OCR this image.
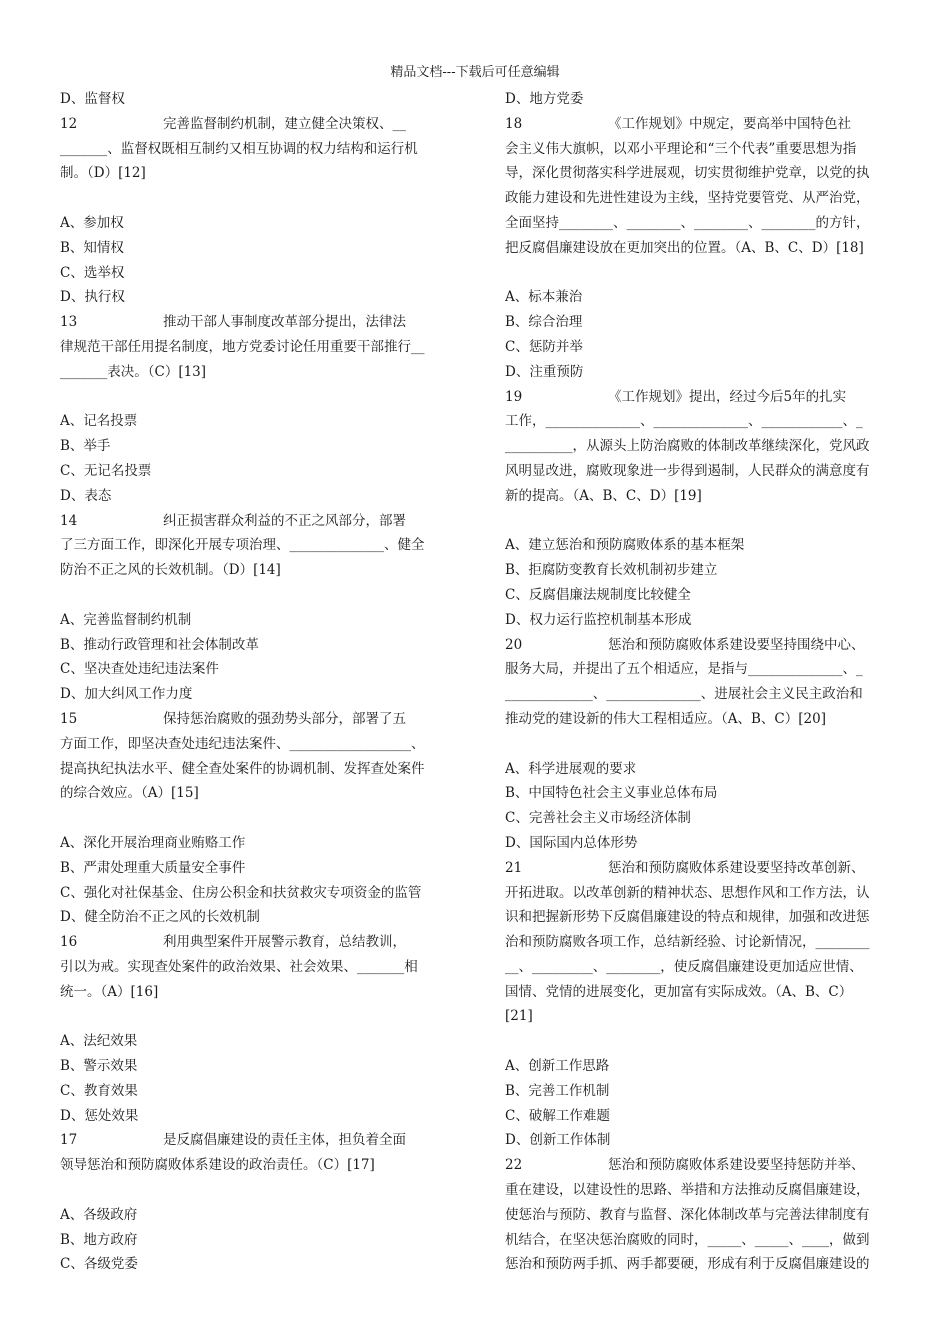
精品文档---下载后可任意编辑
D、监督权
12                    完善监督制约机制，建立健全决策权、__
_______、监督权既相互制约又相互协调的权力结构和运行机
制。（D）[12]
A、参加权
B、知情权
C、选举权
D、执行权
13                    推动干部人事制度改革部分提出，法律法
律规范干部任用提名制度，地方党委讨论任用重要干部推行__
_______表决。（C）[13]
A、记名投票
B、举手
C、无记名投票
D、表态
14                    纠正损害群众利益的不正之风部分，部署
了三方面工作，即深化开展专项治理、______________、健全
防治不正之风的长效机制。（D）[14]
A、完善监督制约机制
B、推动行政管理和社会体制改革
C、坚决查处违纪违法案件
D、加大纠风工作力度
15                    保持惩治腐败的强劲势头部分，部署了五
方面工作，即坚决查处违纪违法案件、__________________、
提高执纪执法水平、健全查处案件的协调机制、发挥查处案件
的综合效应。（A）[15]
A、深化开展治理商业贿赂工作
B、严肃处理重大质量安全事件
C、强化对社保基金、住房公积金和扶贫救灾专项资金的监管
D、健全防治不正之风的长效机制
16                    利用典型案件开展警示教育，总结教训，
引以为戒。实现查处案件的政治效果、社会效果、_______相
统一。（A）[16]
A、法纪效果
B、警示效果
C、教育效果
D、惩处效果
17                    是反腐倡廉建设的责任主体，担负着全面
领导惩治和预防腐败体系建设的政治责任。（C）[17]
A、各级政府
B、地方政府
C、各级党委
D、地方党委
18                    《工作规划》中规定，要高举中国特色社
会主义伟大旗帜，以邓小平理论和“三个代表”重要思想为指
导，深化贯彻落实科学进展观，切实贯彻维护党章，以党的执
政能力建设和先进性建设为主线，坚持党要管党、从严治党，
全面坚持________、________、________、________的方针，
把反腐倡廉建设放在更加突出的位置。（A、B、C、D）[18]
A、标本兼治
B、综合治理
C、惩防并举
D、注重预防
19                    《工作规划》提出，经过今后5年的扎实
工作，______________、______________、____________、_
__________，从源头上防治腐败的体制改革继续深化，党风政
风明显改进，腐败现象进一步得到遏制，人民群众的满意度有
新的提高。（A、B、C、D）[19]
A、建立惩治和预防腐败体系的基本框架
B、拒腐防变教育长效机制初步建立
C、反腐倡廉法规制度比较健全
D、权力运行监控机制基本形成
20                    惩治和预防腐败体系建设要坚持围绕中心、
服务大局，并提出了五个相适应，是指与______________、_
_____________、______________、进展社会主义民主政治和
推动党的建设新的伟大工程相适应。（A、B、C）[20]
A、科学进展观的要求
B、中国特色社会主义事业总体布局
C、完善社会主义市场经济体制
D、国际国内总体形势
21                    惩治和预防腐败体系建设要坚持改革创新、
开拓进取。以改革创新的精神状态、思想作风和工作方法，认
识和把握新形势下反腐倡廉建设的特点和规律，加强和改进惩
治和预防腐败各项工作，总结新经验、讨论新情况，________
__、_________、________，使反腐倡廉建设更加适应世情、
国情、党情的进展变化，更加富有实际成效。（A、B、C）
[21]
A、创新工作思路
B、完善工作机制
C、破解工作难题
D、创新工作体制
22                    惩治和预防腐败体系建设要坚持惩防并举、
重在建设，以建设性的思路、举措和方法推动反腐倡廉建设，
使惩治与预防、教育与监督、深化体制改革与完善法律制度有
机结合，在坚决惩治腐败的同时，_____、_____、____，做到
惩治和预防两手抓、两手都要硬，形成有利于反腐倡廉建设的
